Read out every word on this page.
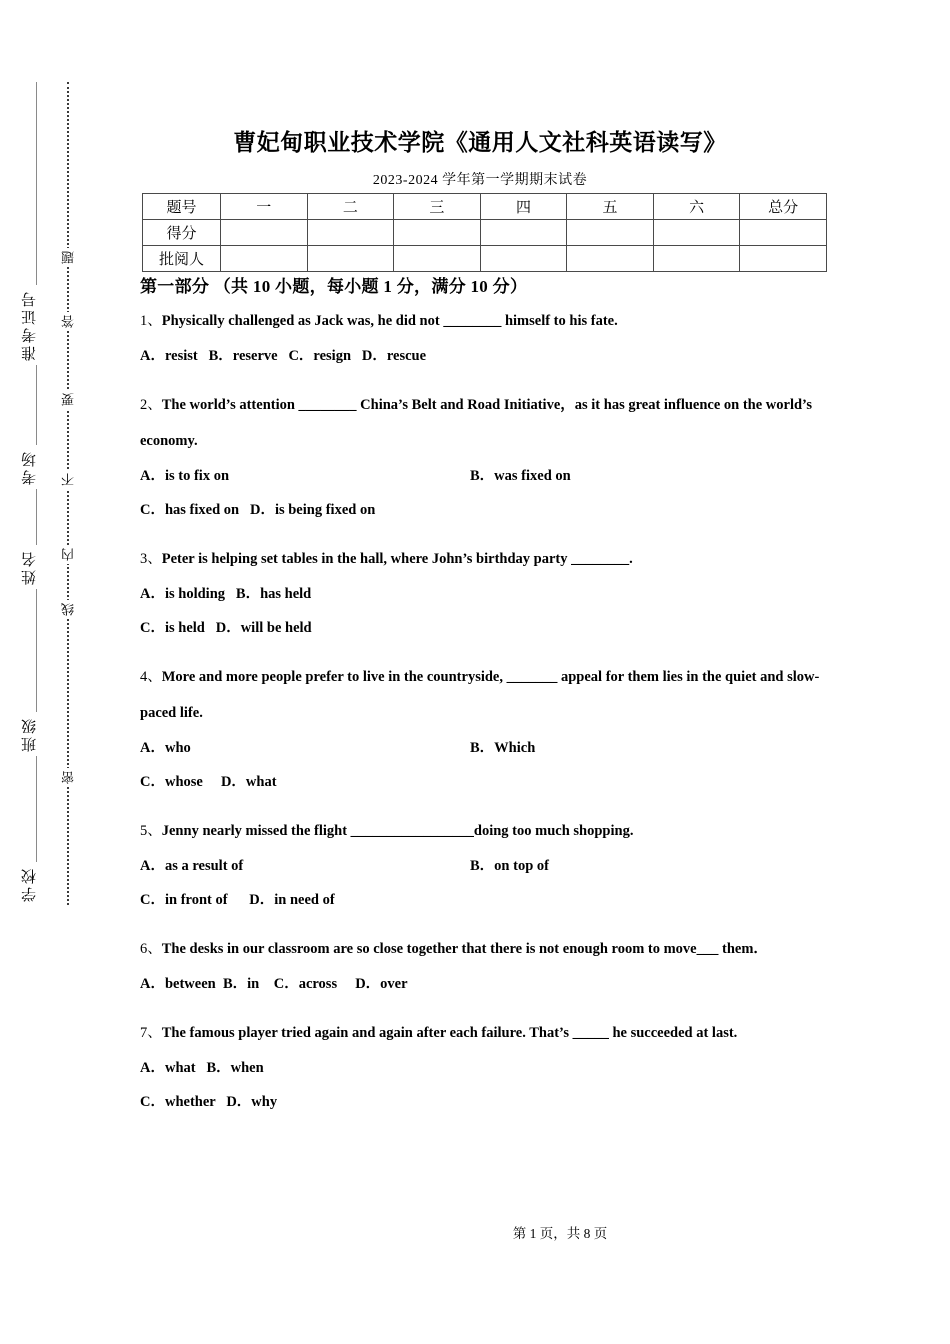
准考证号
考场
姓名
班级
学校
题
答
要
不
内
线
密
曹妃甸职业技术学院《通用人文社科英语读写》
2023-2024 学年第一学期期末试卷
题号	一	二	三	四	五	六	总分
得分							
批阅人							
第一部分 （共 10 小题，每小题 1 分，满分 10 分）

1、Physically challenged as Jack was, he did not ________ himself to his fate.

A．resist   B．reserve   C．resign   D．rescue

2、The world’s attention ________ China’s Belt and Road Initiative，as it has great influence on the world’s economy.

A．is to fix on	B．was fixed on
C．has fixed on   D．is being fixed on

3、Peter is helping set tables in the hall, where John’s birthday party ________.

A．is holding   B．has held
C．is held   D．will be held

4、More and more people prefer to live in the countryside, _______ appeal for them lies in the quiet and slow-paced life.

A．who	B．Which
C．whose     D．what

5、Jenny nearly missed the flight _________________doing too much shopping.

A．as a result of	B．on top of
C．in front of      D．in need of

6、The desks in our classroom are so close together that there is not enough room to move___ them．

A．between  B．in    C．across     D．over

7、The famous player tried again and again after each failure. That’s _____ he succeeded at last.

A．what   B．when
C．whether   D．why
第 1 页，共 8 页
